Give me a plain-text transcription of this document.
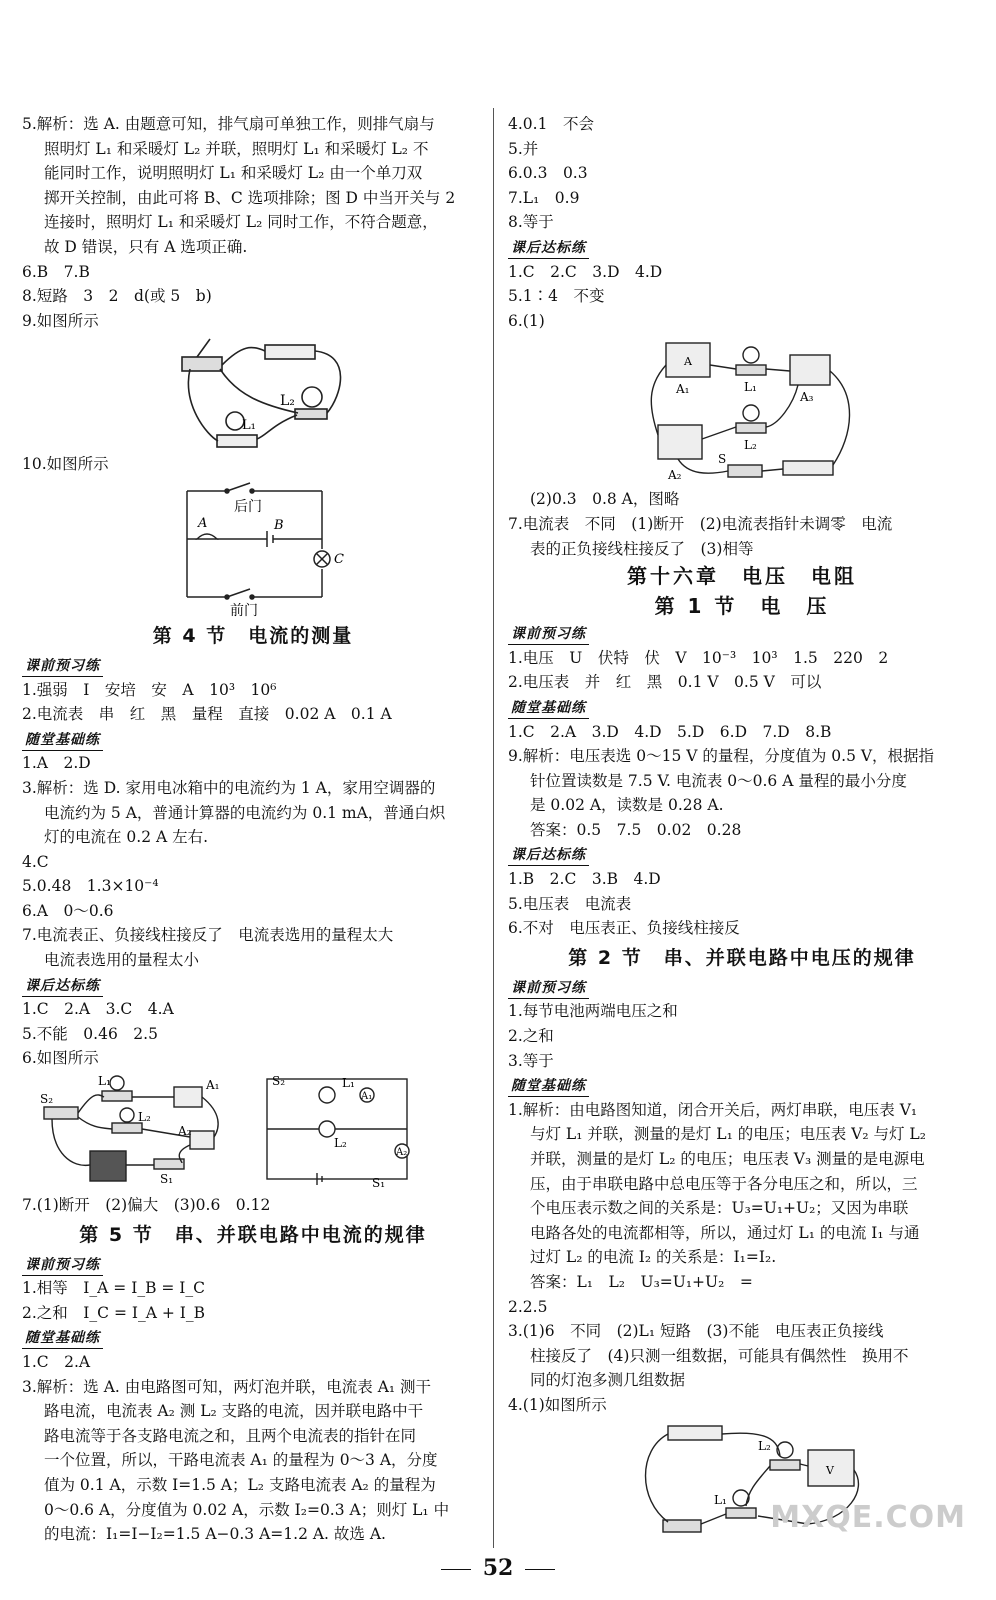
5.解析：选 A. 由题意可知，排气扇可单独工作，则排气扇与
照明灯 L₁ 和采暖灯 L₂ 并联，照明灯 L₁ 和采暖灯 L₂ 不
能同时工作，说明照明灯 L₁ 和采暖灯 L₂ 由一个单刀双
掷开关控制，由此可将 B、C 选项排除；图 D 中当开关与 2
连接时，照明灯 L₁ 和采暖灯 L₂ 同时工作，不符合题意，
故 D 错误，只有 A 选项正确.
6.B　7.B
8.短路　3　2　d(或 5　b)
9.如图所示
L₂
L₁
10.如图所示
后门
A	B
C
前门
第 4 节　电流的测量
课前预习练
1.强弱　I　安培　安　A　10³　10⁶
2.电流表　串　红　黑　量程　直接　0.02 A　0.1 A
随堂基础练
1.A　2.D
3.解析：选 D. 家用电冰箱中的电流约为 1 A，家用空调器的
电流约为 5 A，普通计算器的电流约为 0.1 mA，普通白炽
灯的电流在 0.2 A 左右.
4.C
5.0.48　1.3×10⁻⁴
6.A　0～0.6
7.电流表正、负接线柱接反了　电流表选用的量程太大
电流表选用的量程太小
课后达标练
1.C　2.A　3.C　4.A
5.不能　0.46　2.5
6.如图所示
L₁	A₁
S₂
L₂
A₂
S₁
S₂	L₁
A₁
L₂
A₂
S₁
7.(1)断开　(2)偏大　(3)0.6　0.12
第 5 节　串、并联电路中电流的规律
课前预习练
1.相等　I_A = I_B = I_C
2.之和　I_C = I_A + I_B
随堂基础练
1.C　2.A
3.解析：选 A. 由电路图可知，两灯泡并联，电流表 A₁ 测干
路电流，电流表 A₂ 测 L₂ 支路的电流，因并联电路中干
路电流等于各支路电流之和，且两个电流表的指针在同
一个位置，所以，干路电流表 A₁ 的量程为 0～3 A，分度
值为 0.1 A，示数 I=1.5 A；L₂ 支路电流表 A₂ 的量程为
0～0.6 A，分度值为 0.02 A，示数 I₂=0.3 A；则灯 L₁ 中
的电流：I₁=I−I₂=1.5 A−0.3 A=1.2 A. 故选 A.
4.0.1　不会
5.并
6.0.3　0.3
7.L₁　0.9
8.等于
课后达标练
1.C　2.C　3.D　4.D
5.1∶4　不变
6.(1)
A
L₁
A₁
A₃
L₂
A₂
S
(2)0.3　0.8 A，图略
7.电流表　不同　(1)断开　(2)电流表指针未调零　电流
表的正负接线柱接反了　(3)相等
第十六章　电压　电阻
第 1 节　电　压
课前预习练
1.电压　U　伏特　伏　V　10⁻³　10³　1.5　220　2
2.电压表　并　红　黑　0.1 V　0.5 V　可以
随堂基础练
1.C　2.A　3.D　4.D　5.D　6.D　7.D　8.B
9.解析：电压表选 0～15 V 的量程，分度值为 0.5 V，根据指
针位置读数是 7.5 V. 电流表 0～0.6 A 量程的最小分度
是 0.02 A，读数是 0.28 A.
答案：0.5　7.5　0.02　0.28
课后达标练
1.B　2.C　3.B　4.D
5.电压表　电流表
6.不对　电压表正、负接线柱接反
第 2 节　串、并联电路中电压的规律
课前预习练
1.每节电池两端电压之和
2.之和
3.等于
随堂基础练
1.解析：由电路图知道，闭合开关后，两灯串联，电压表 V₁
与灯 L₁ 并联，测量的是灯 L₁ 的电压；电压表 V₂ 与灯 L₂
并联，测量的是灯 L₂ 的电压；电压表 V₃ 测量的是电源电
压，由于串联电路中总电压等于各分电压之和，所以，三
个电压表示数之间的关系是：U₃=U₁+U₂；又因为串联
电路各处的电流都相等，所以，通过灯 L₁ 的电流 I₁ 与通
过灯 L₂ 的电流 I₂ 的关系是：I₁=I₂.
答案：L₁　L₂　U₃=U₁+U₂　=
2.2.5
3.(1)6　不同　(2)L₁ 短路　(3)不能　电压表正负接线
柱接反了　(4)只测一组数据，可能具有偶然性　换用不
同的灯泡多测几组数据
4.(1)如图所示
L₂
L₁
V
MXQE.COM
52
